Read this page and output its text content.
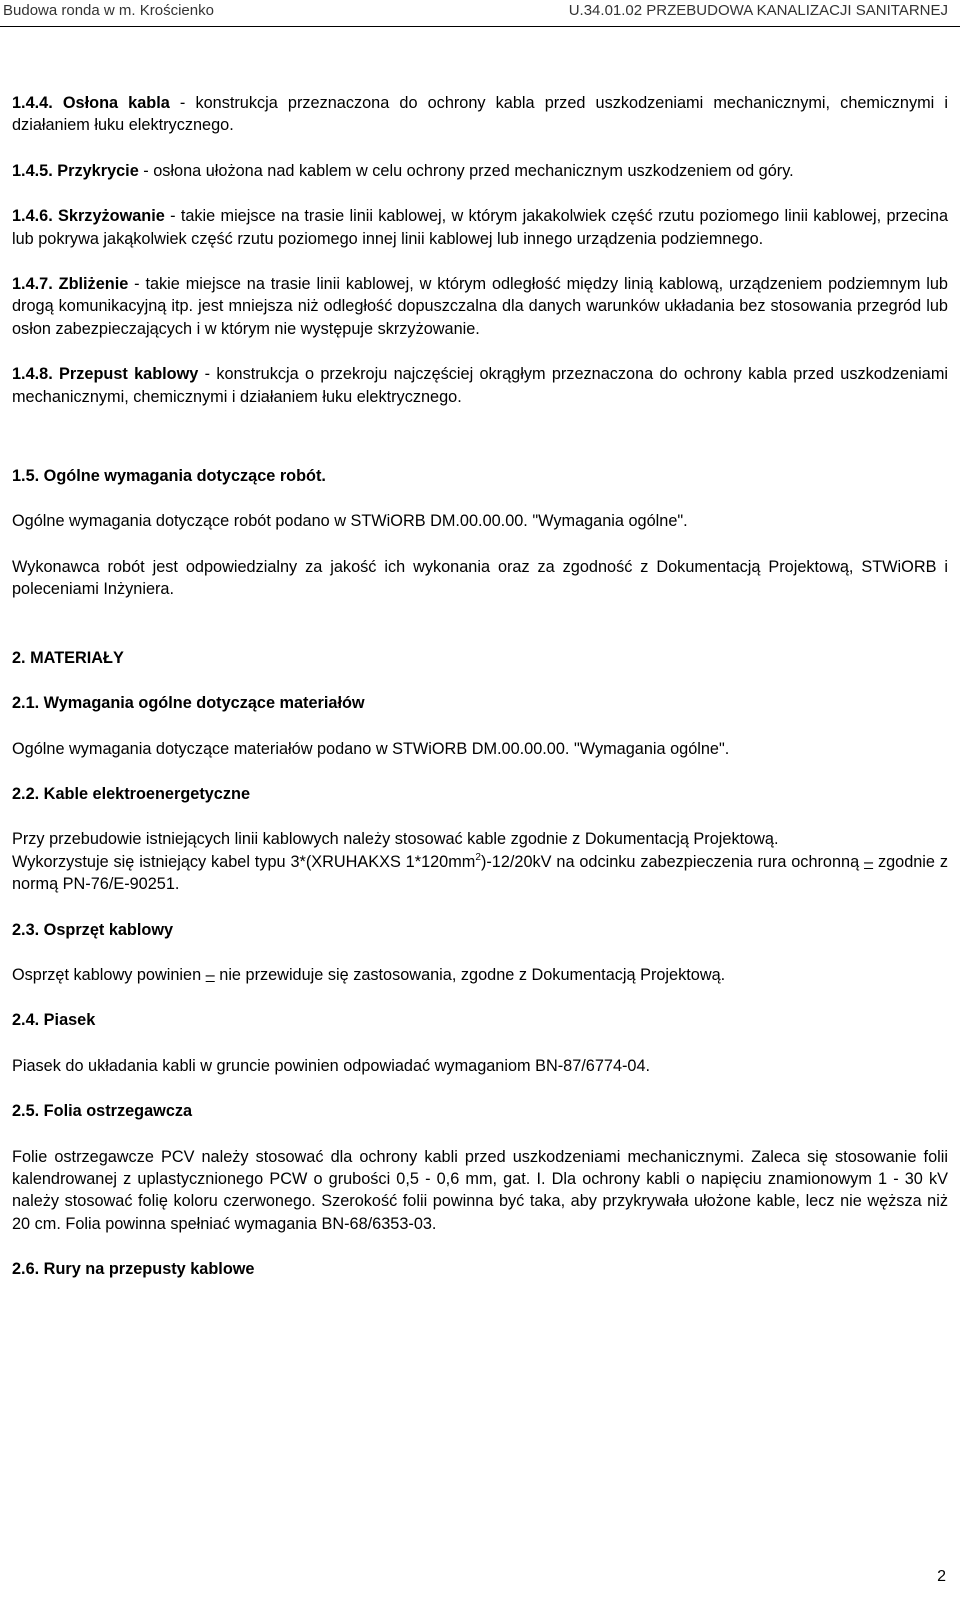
Budowa ronda w m. Krościenko	U.34.01.02 PRZEBUDOWA KANALIZACJI SANITARNEJ

1.4.4. Osłona kabla - konstrukcja przeznaczona do ochrony kabla przed uszkodzeniami mechanicznymi, chemicznymi i działaniem łuku elektrycznego.

1.4.5. Przykrycie - osłona ułożona nad kablem w celu ochrony przed mechanicznym uszkodzeniem od góry.

1.4.6. Skrzyżowanie - takie miejsce na trasie linii kablowej, w którym jakakolwiek część rzutu poziomego linii kablowej, przecina lub pokrywa jakąkolwiek część rzutu poziomego innej linii kablowej lub innego urządzenia podziemnego.

1.4.7. Zbliżenie - takie miejsce na trasie linii kablowej, w którym odległość między linią kablową, urządzeniem podziemnym lub drogą komunikacyjną itp. jest mniejsza niż odległość dopuszczalna dla danych warunków układania bez stosowania przegród lub osłon zabezpieczających i w którym nie występuje skrzyżowanie.

1.4.8. Przepust kablowy - konstrukcja o przekroju najczęściej okrągłym przeznaczona do ochrony kabla przed uszkodzeniami mechanicznymi, chemicznymi i działaniem łuku elektrycznego.

1.5. Ogólne wymagania dotyczące robót.

Ogólne wymagania dotyczące robót podano w STWiORB DM.00.00.00. "Wymagania ogólne".

Wykonawca robót jest odpowiedzialny za jakość ich wykonania oraz za zgodność z Dokumentacją Projektową, STWiORB i poleceniami Inżyniera.

2. MATERIAŁY

2.1. Wymagania ogólne dotyczące materiałów

Ogólne wymagania dotyczące materiałów podano w STWiORB DM.00.00.00. "Wymagania ogólne".

2.2. Kable elektroenergetyczne

Przy przebudowie istniejących linii kablowych należy stosować kable zgodnie z Dokumentacją Projektową.

Wykorzystuje się istniejący kabel typu 3*(XRUHAKXS $1*120mm^2)-12/20kV$ na odcinku zabezpieczenia rura ochronną – zgodnie z normą PN-76/E-90251.

2.3. Osprzęt kablowy

Osprzęt kablowy powinien – nie przewiduje się zastosowania, zgodne z Dokumentacją Projektową.

2.4. Piasek

Piasek do układania kabli w gruncie powinien odpowiadać wymaganiom BN-87/6774-04.

2.5. Folia ostrzegawcza

Folie ostrzegawcze PCV należy stosować dla ochrony kabli przed uszkodzeniami mechanicznymi. Zaleca się stosowanie folii kalendrowanej z uplastycznionego PCW o grubości 0,5 - 0,6 mm, gat. I. Dla ochrony kabli o napięciu znamionowym 1 - 30 kV należy stosować folię koloru czerwonego. Szerokość folii powinna być taka, aby przykrywała ułożone kable, lecz nie węższa niż 20 cm. Folia powinna spełniać wymagania BN-68/6353-03.

2.6. Rury na przepusty kablowe

2
